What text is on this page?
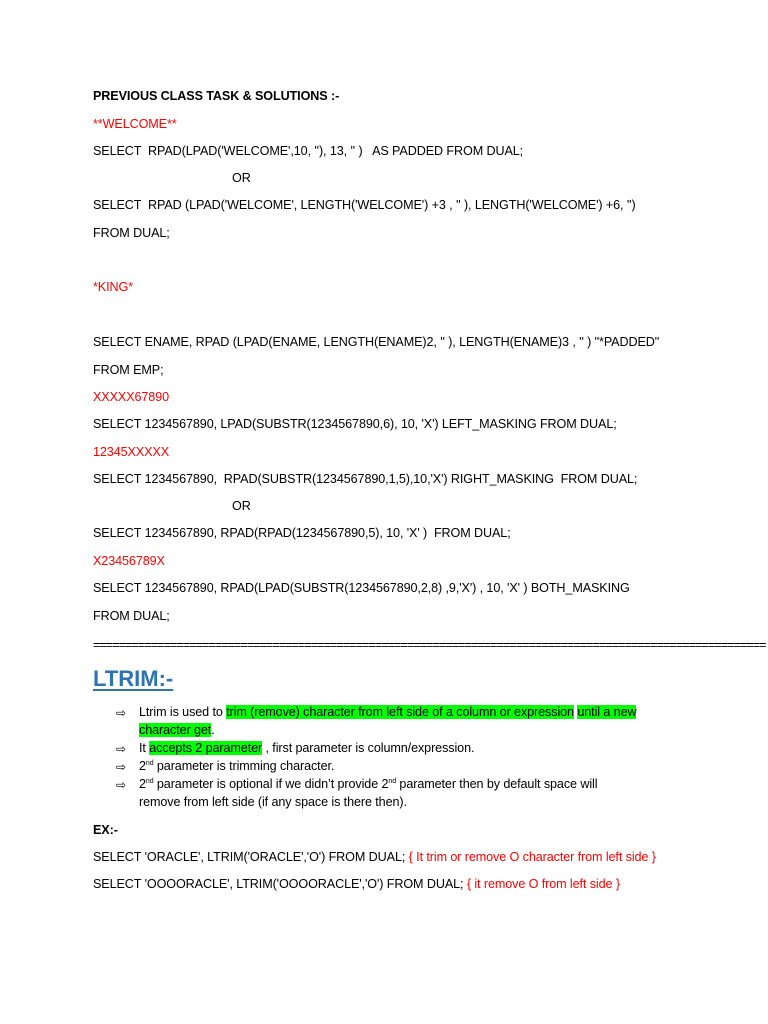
PREVIOUS CLASS TASK & SOLUTIONS :-
**WELCOME**
SELECT  RPAD(LPAD('WELCOME',10, ''), 13, '' )   AS PADDED FROM DUAL;
OR
SELECT  RPAD (LPAD('WELCOME', LENGTH('WELCOME') +3 , '' ), LENGTH('WELCOME') +6, '')
FROM DUAL;
*KING*
SELECT ENAME, RPAD (LPAD(ENAME, LENGTH(ENAME)2, '' ), LENGTH(ENAME)3 , '' ) "*PADDED"
FROM EMP;
XXXXX67890
SELECT 1234567890, LPAD(SUBSTR(1234567890,6), 10, 'X') LEFT_MASKING FROM DUAL;
12345XXXXX
SELECT 1234567890,  RPAD(SUBSTR(1234567890,1,5),10,'X') RIGHT_MASKING  FROM DUAL;
OR
SELECT 1234567890, RPAD(RPAD(1234567890,5), 10, 'X' )  FROM DUAL;
X23456789X
SELECT 1234567890, RPAD(LPAD(SUBSTR(1234567890,2,8) ,9,'X') , 10, 'X' ) BOTH_MASKING
FROM DUAL;
=========================================================================================================
LTRIM:-
⇨ Ltrim is used to trim (remove) character from left side of a column or expression until a new character get.
⇨ It accepts 2 parameter , first parameter is column/expression.
⇨ 2nd parameter is trimming character.
⇨ 2nd parameter is optional if we didn’t provide 2nd parameter then by default space will remove from left side (if any space is there then).
EX:-
SELECT 'ORACLE', LTRIM('ORACLE','O') FROM DUAL; { It trim or remove O character from left side }
SELECT 'OOOORACLE', LTRIM('OOOORACLE','O') FROM DUAL; { it remove O from left side }
